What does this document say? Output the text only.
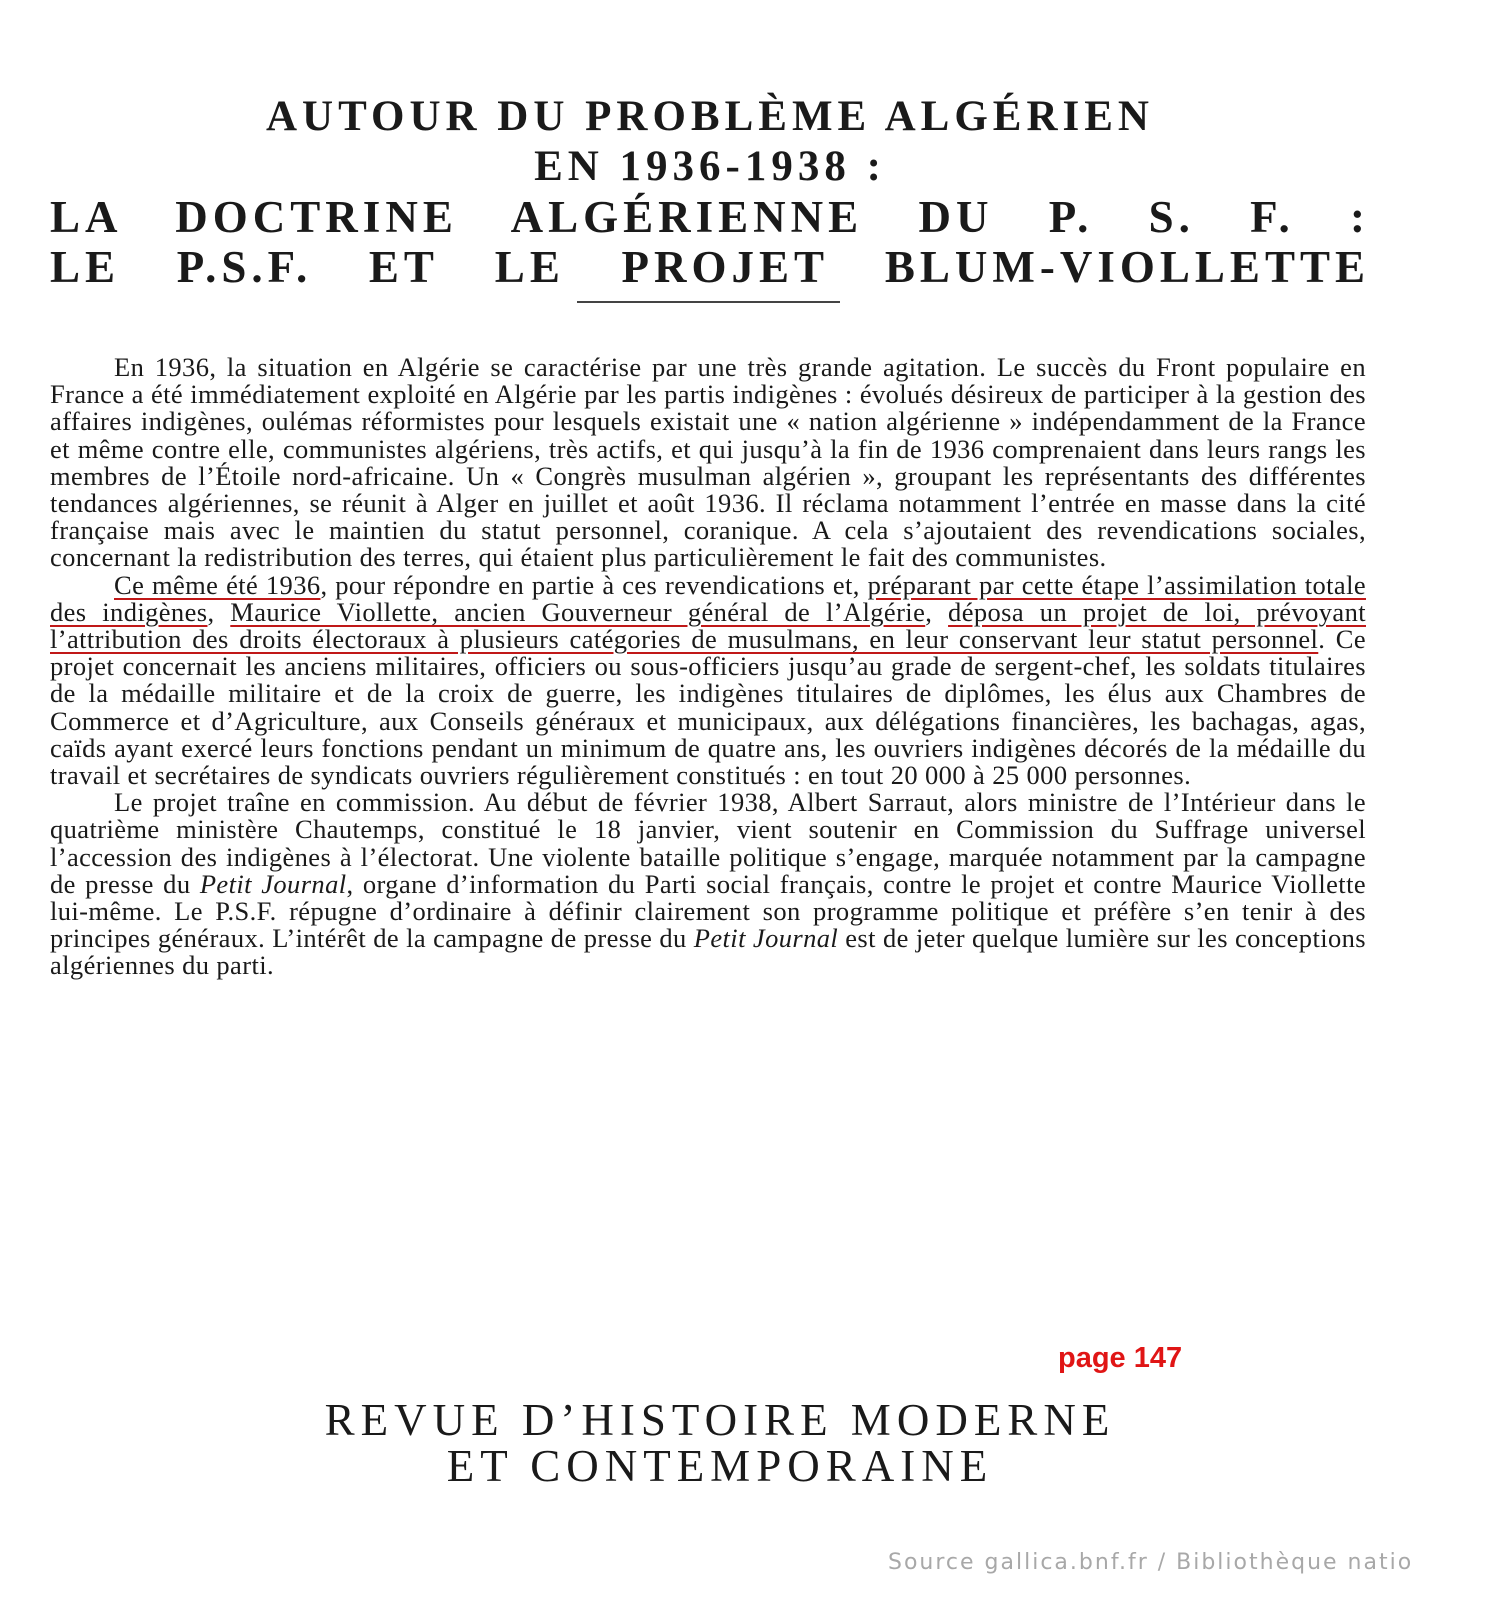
AUTOUR DU PROBLÈME ALGÉRIEN
EN 1936-1938 :
LA DOCTRINE ALGÉRIENNE DU P. S. F. :
LE P.S.F. ET LE PROJET BLUM-VIOLLETTE

En 1936, la situation en Algérie se caractérise par une très grande agitation. Le succès du Front populaire en France a été immédiatement exploité en Algérie par les partis indigènes : évolués désireux de participer à la gestion des affaires indigènes, oulémas réformistes pour lesquels existait une « nation algérienne » indépendamment de la France et même contre elle, communistes algériens, très actifs, et qui jusqu’à la fin de 1936 comprenaient dans leurs rangs les membres de l’Étoile nord-africaine. Un « Congrès musulman algérien », groupant les représentants des différentes tendances algériennes, se réunit à Alger en juillet et août 1936. Il réclama notamment l’entrée en masse dans la cité française mais avec le maintien du statut personnel, coranique. A cela s’ajoutaient des revendications sociales, concernant la redistribution des terres, qui étaient plus particulièrement le fait des communistes.

Ce même été 1936, pour répondre en partie à ces revendications et, préparant par cette étape l’assimilation totale des indigènes, Maurice Viollette, ancien Gouverneur général de l’Algérie, déposa un projet de loi, prévoyant l’attribution des droits électoraux à plusieurs catégories de musulmans, en leur conservant leur statut personnel. Ce projet concernait les anciens militaires, officiers ou sous-officiers jusqu’au grade de sergent-chef, les soldats titulaires de la médaille militaire et de la croix de guerre, les indigènes titulaires de diplômes, les élus aux Chambres de Commerce et d’Agriculture, aux Conseils généraux et municipaux, aux délégations financières, les bachagas, agas, caïds ayant exercé leurs fonctions pendant un minimum de quatre ans, les ouvriers indigènes décorés de la médaille du travail et secrétaires de syndicats ouvriers régulièrement constitués : en tout 20 000 à 25 000 personnes.

Le projet traîne en commission. Au début de février 1938, Albert Sarraut, alors ministre de l’Intérieur dans le quatrième ministère Chautemps, constitué le 18 janvier, vient soutenir en Commission du Suffrage universel l’accession des indigènes à l’électorat. Une violente bataille politique s’engage, marquée notamment par la campagne de presse du Petit Journal, organe d’information du Parti social français, contre le projet et contre Maurice Viollette lui-même. Le P.S.F. répugne d’ordinaire à définir clairement son programme politique et préfère s’en tenir à des principes généraux. L’intérêt de la campagne de presse du Petit Journal est de jeter quelque lumière sur les conceptions algériennes du parti.

page 147
REVUE D’HISTOIRE MODERNE
ET CONTEMPORAINE
Source gallica.bnf.fr / Bibliothèque natio
